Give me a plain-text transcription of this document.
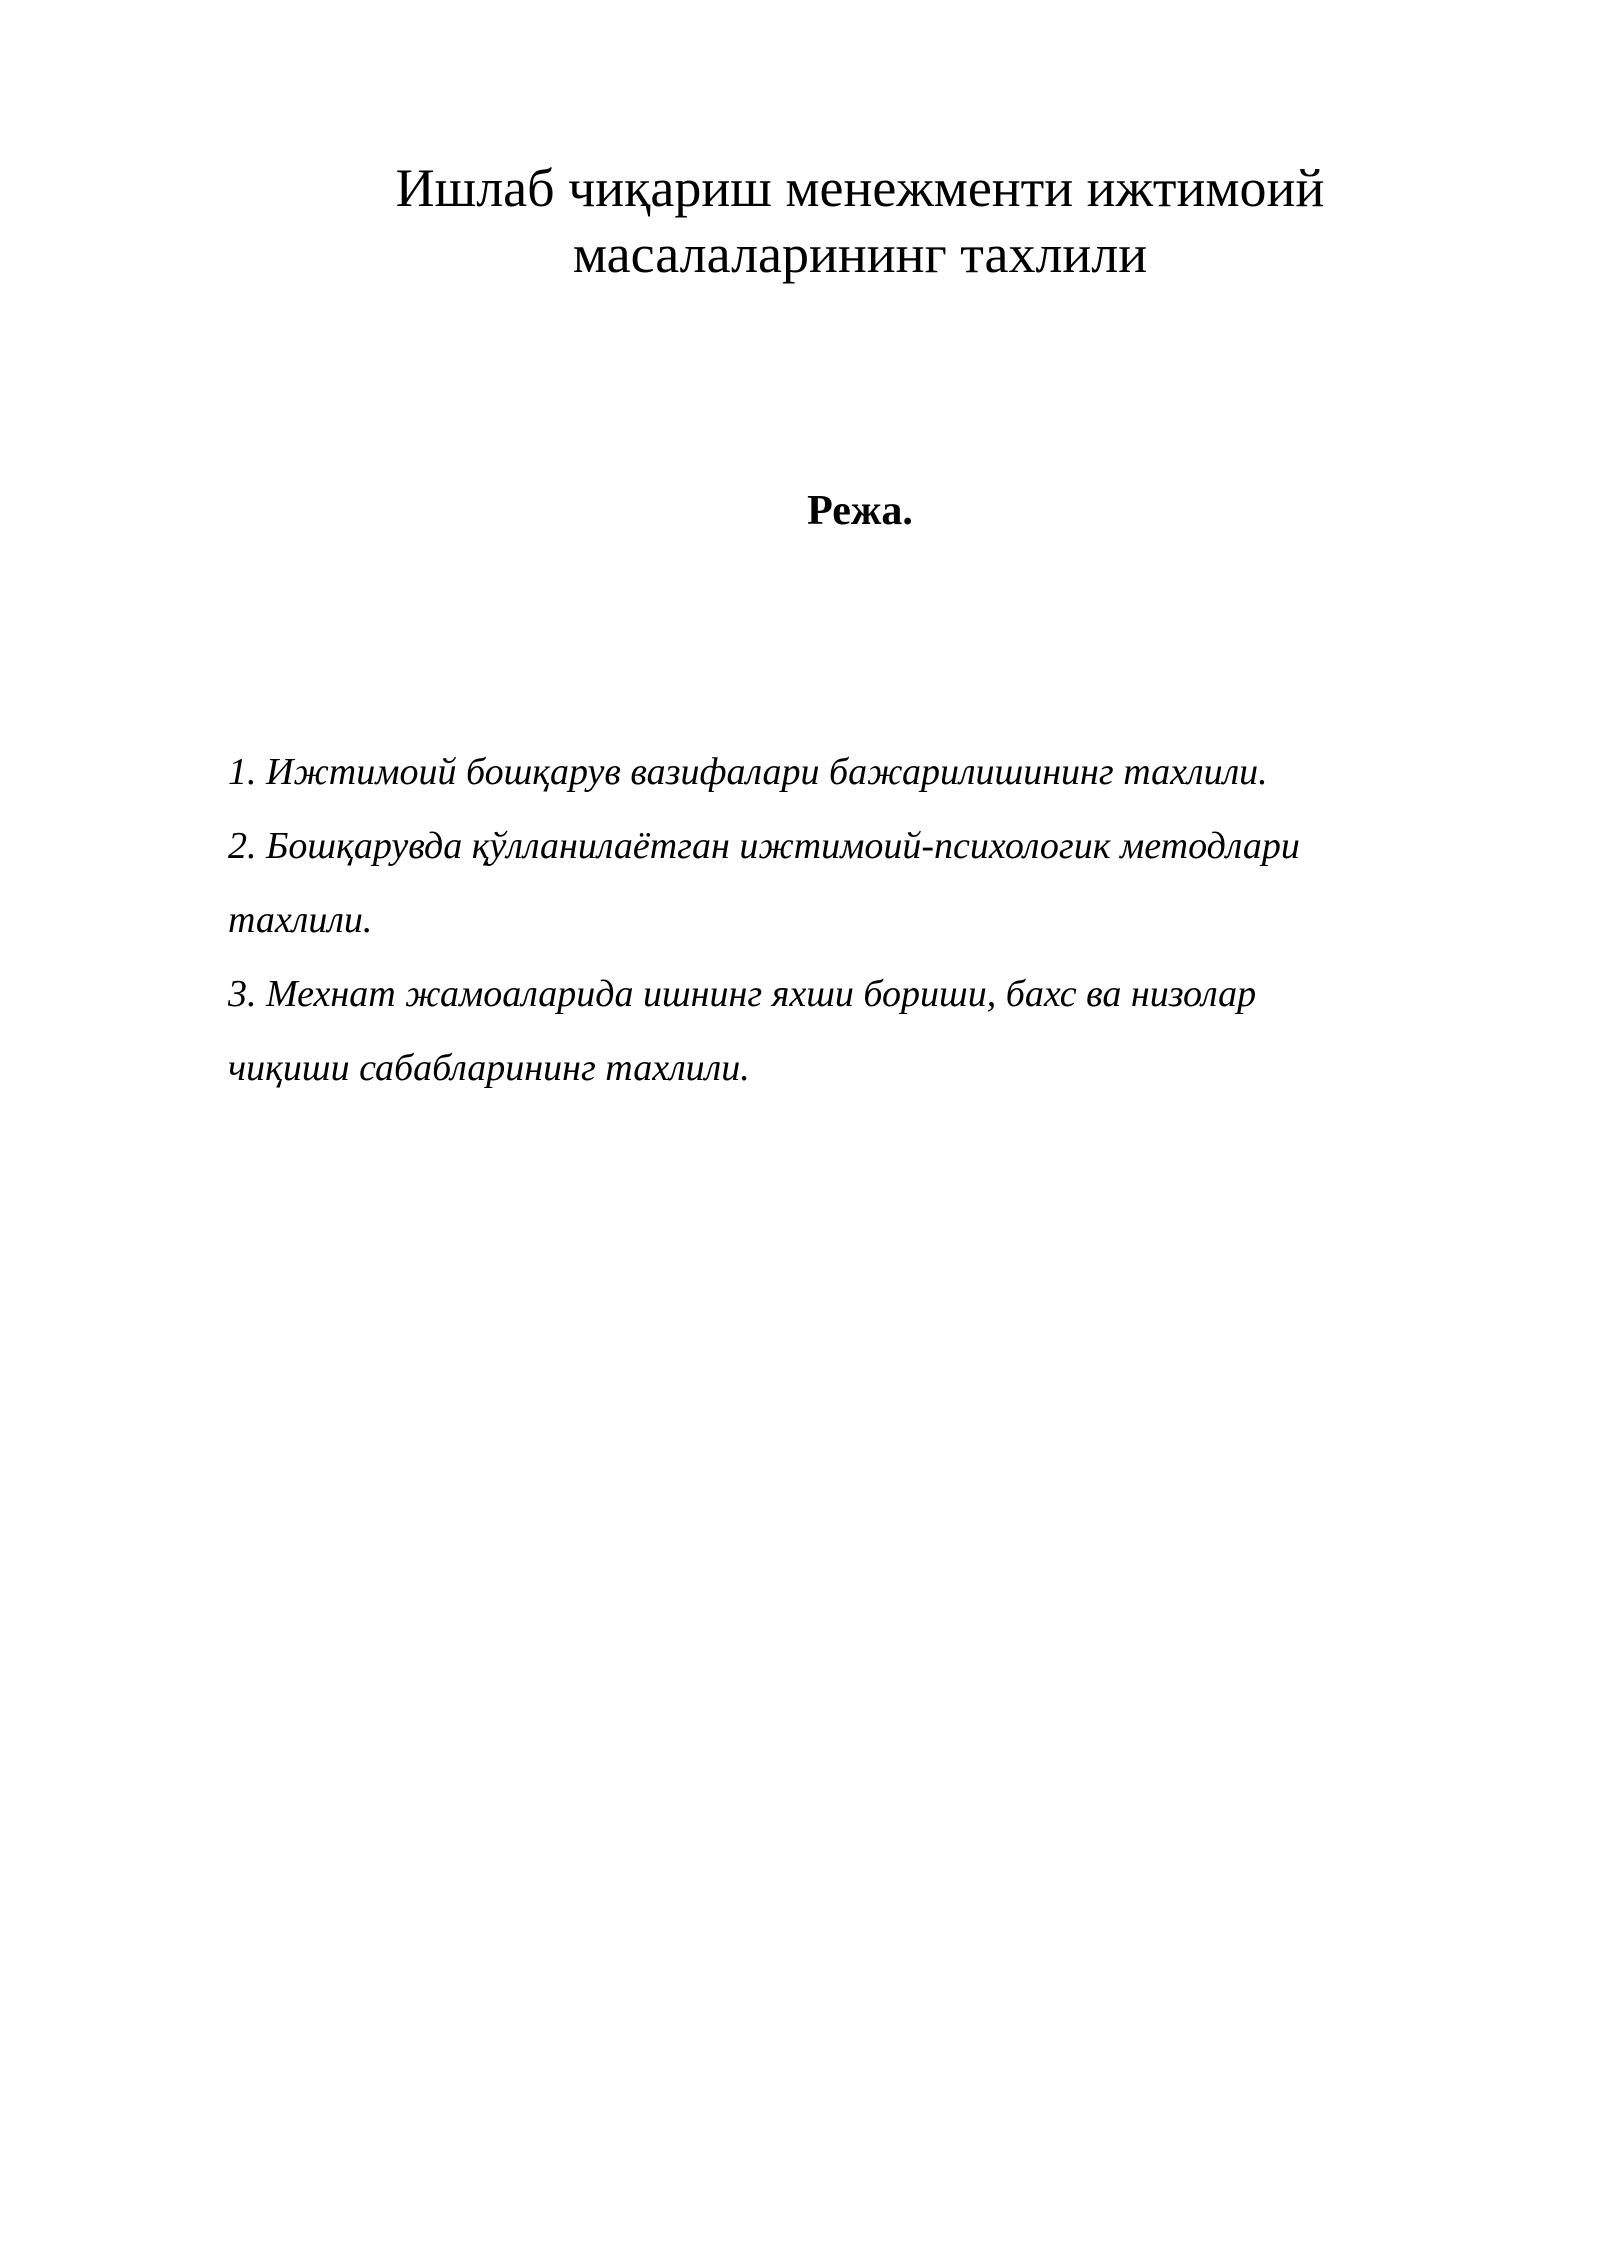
Ишлаб чиқариш менежменти ижтимоий
масалаларининг тахлили
Режа.
1. Ижтимоий бошқарув вазифалари бажарилишининг тахлили.
2. Бошқарувда қўлланилаётган ижтимоий-психологик методлари
тахлили.
3. Мехнат жамоаларида ишнинг яхши бориши, бахс ва низолар
чиқиши сабабларининг тахлили.
